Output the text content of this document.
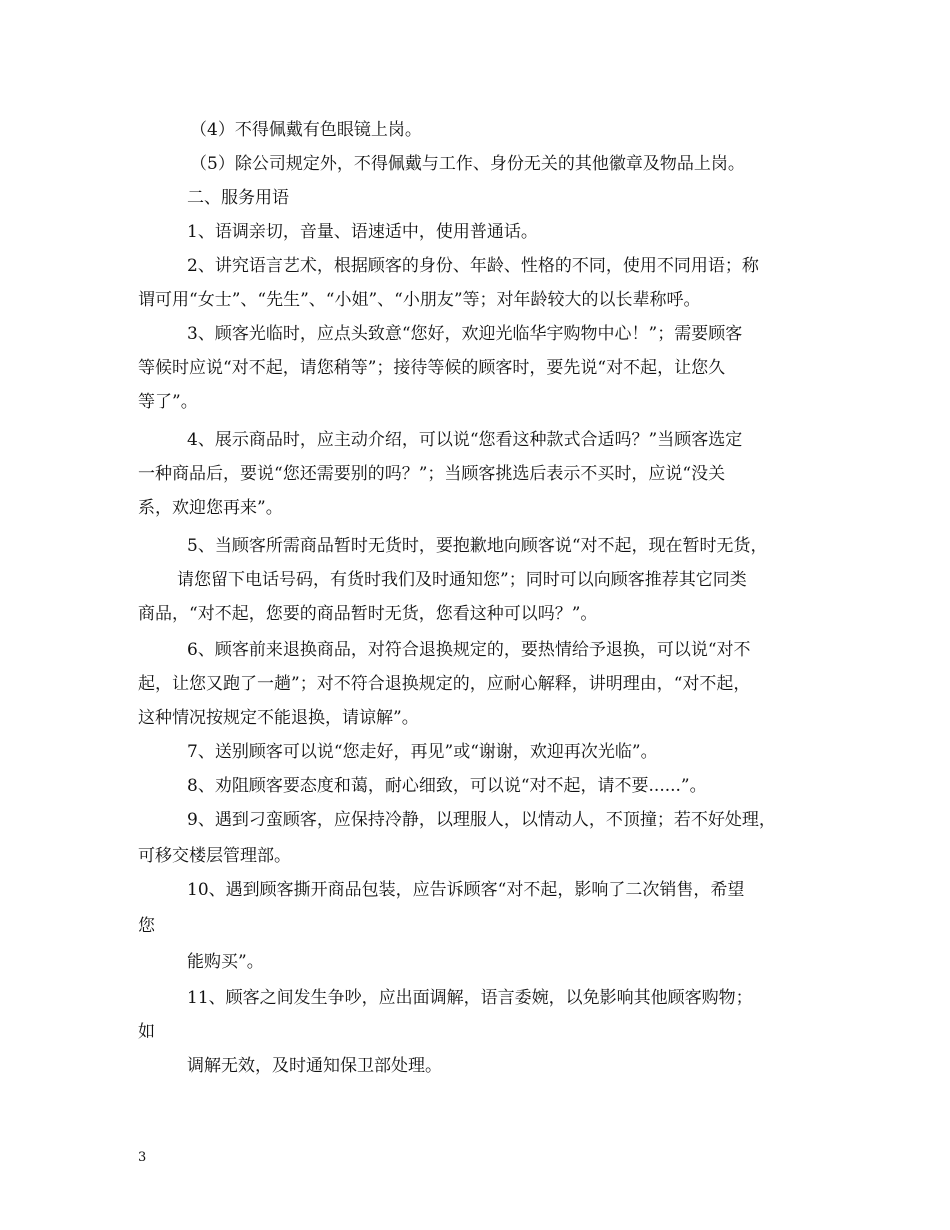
（4）不得佩戴有色眼镜上岗。

（5）除公司规定外，不得佩戴与工作、身份无关的其他徽章及物品上岗。

二、服务用语

1、语调亲切，音量、语速适中，使用普通话。

2、讲究语言艺术，根据顾客的身份、年龄、性格的不同，使用不同用语；称

谓可用“女士”、“先生”、“小姐”、“小朋友”等；对年龄较大的以长辈称呼。

3、顾客光临时，应点头致意“您好，欢迎光临华宇购物中心！”；需要顾客

等候时应说“对不起，请您稍等”；接待等候的顾客时，要先说“对不起，让您久

等了”。

4、展示商品时，应主动介绍，可以说“您看这种款式合适吗？”当顾客选定

一种商品后，要说“您还需要别的吗？”；当顾客挑选后表示不买时，应说“没关

系，欢迎您再来”。

5、当顾客所需商品暂时无货时，要抱歉地向顾客说“对不起，现在暂时无货，

请您留下电话号码，有货时我们及时通知您”；同时可以向顾客推荐其它同类

商品，“对不起，您要的商品暂时无货，您看这种可以吗？”。

6、顾客前来退换商品，对符合退换规定的，要热情给予退换，可以说“对不

起，让您又跑了一趟”；对不符合退换规定的，应耐心解释，讲明理由，“对不起，

这种情况按规定不能退换，请谅解”。

7、送别顾客可以说“您走好，再见”或“谢谢，欢迎再次光临”。

8、劝阻顾客要态度和蔼，耐心细致，可以说“对不起，请不要......”。

9、遇到刁蛮顾客，应保持冷静，以理服人，以情动人，不顶撞；若不好处理，

可移交楼层管理部。

10、遇到顾客撕开商品包装，应告诉顾客“对不起，影响了二次销售，希望

您

能购买”。

11、顾客之间发生争吵，应出面调解，语言委婉，以免影响其他顾客购物；

如

调解无效，及时通知保卫部处理。

3
